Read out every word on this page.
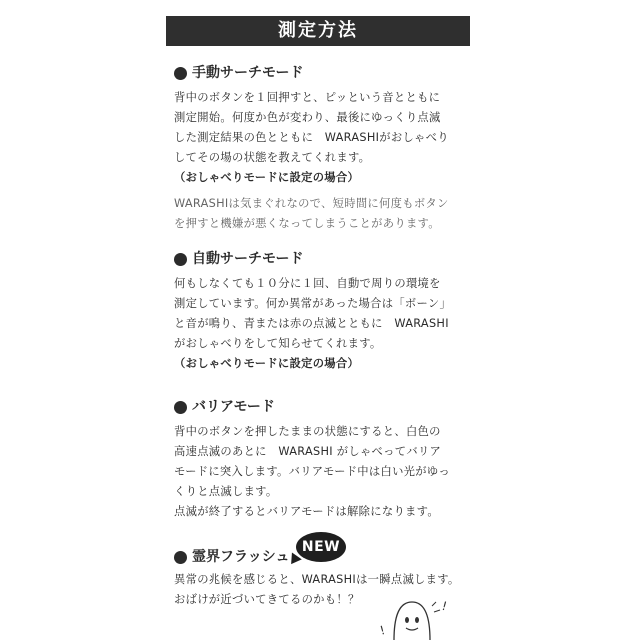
測定方法
手動サーチモード
背中のボタンを１回押すと、ピッという音とともに
測定開始。何度か色が変わり、最後にゆっくり点滅
した測定結果の色とともに　WARASHIがおしゃべり
してその場の状態を教えてくれます。
（おしゃべりモードに設定の場合）
WARASHIは気まぐれなので、短時間に何度もボタン
を押すと機嫌が悪くなってしまうことがあります。
自動サーチモード
何もしなくても１０分に１回、自動で周りの環境を
測定しています。何か異常があった場合は「ボーン」
と音が鳴り、青または赤の点滅とともに　WARASHI
がおしゃべりをして知らせてくれます。
（おしゃべりモードに設定の場合）
バリアモード
背中のボタンを押したままの状態にすると、白色の
高速点滅のあとに　WARASHI がしゃべってバリア
モードに突入します。バリアモード中は白い光がゆっ
くりと点滅します。
点滅が終了するとバリアモードは解除になります。
霊界フラッシュ
異常の兆候を感じると、WARASHIは一瞬点滅します。
おばけが近づいてきてるのかも！？
NEW
!
!
